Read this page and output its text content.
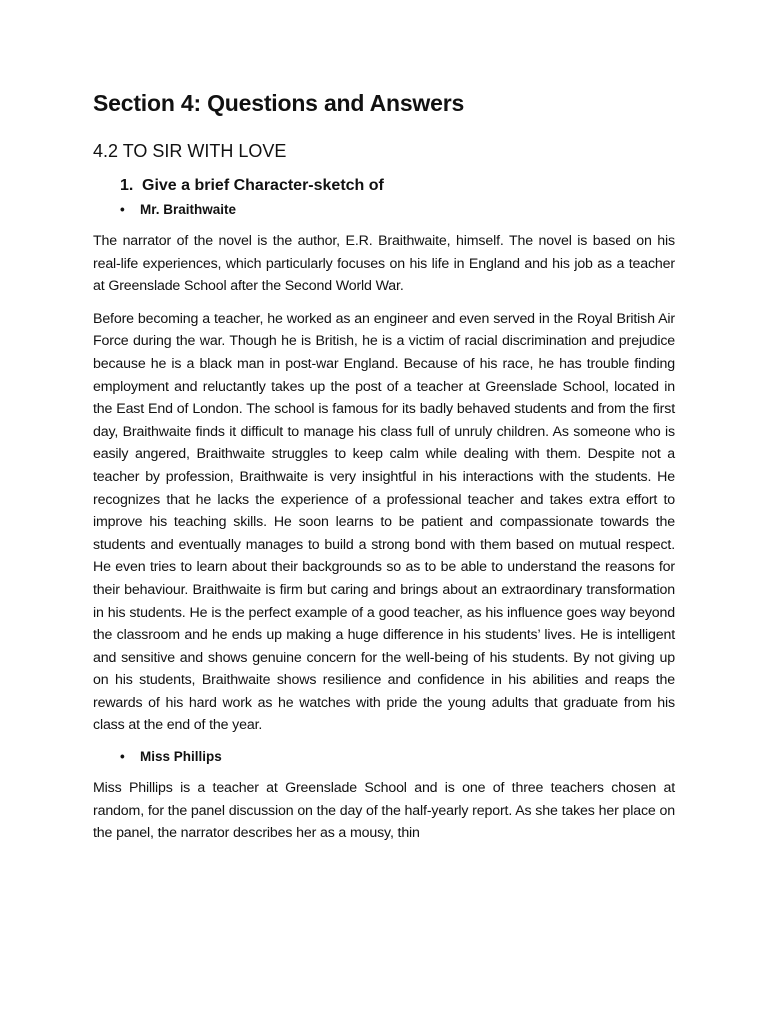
Section 4: Questions and Answers
4.2 TO SIR WITH LOVE
1. Give a brief Character-sketch of
•	Mr. Braithwaite

The narrator of the novel is the author, E.R. Braithwaite, himself. The novel is based on his real-life experiences, which particularly focuses on his life in England and his job as a teacher at Greenslade School after the Second World War.

Before becoming a teacher, he worked as an engineer and even served in the Royal British Air Force during the war. Though he is British, he is a victim of racial discrimination and prejudice because he is a black man in post-war England. Because of his race, he has trouble finding employment and reluctantly takes up the post of a teacher at Greenslade School, located in the East End of London. The school is famous for its badly behaved students and from the first day, Braithwaite finds it difficult to manage his class full of unruly children. As someone who is easily angered, Braithwaite struggles to keep calm while dealing with them. Despite not a teacher by profession, Braithwaite is very insightful in his interactions with the students. He recognizes that he lacks the experience of a professional teacher and takes extra effort to improve his teaching skills. He soon learns to be patient and compassionate towards the students and eventually manages to build a strong bond with them based on mutual respect. He even tries to learn about their backgrounds so as to be able to understand the reasons for their behaviour. Braithwaite is firm but caring and brings about an extraordinary transformation in his students. He is the perfect example of a good teacher, as his influence goes way beyond the classroom and he ends up making a huge difference in his students’ lives. He is intelligent and sensitive and shows genuine concern for the well-being of his students. By not giving up on his students, Braithwaite shows resilience and confidence in his abilities and reaps the rewards of his hard work as he watches with pride the young adults that graduate from his class at the end of the year.

•	Miss Phillips

Miss Phillips is a teacher at Greenslade School and is one of three teachers chosen at random, for the panel discussion on the day of the half-yearly report. As she takes her place on the panel, the narrator describes her as a mousy, thin
